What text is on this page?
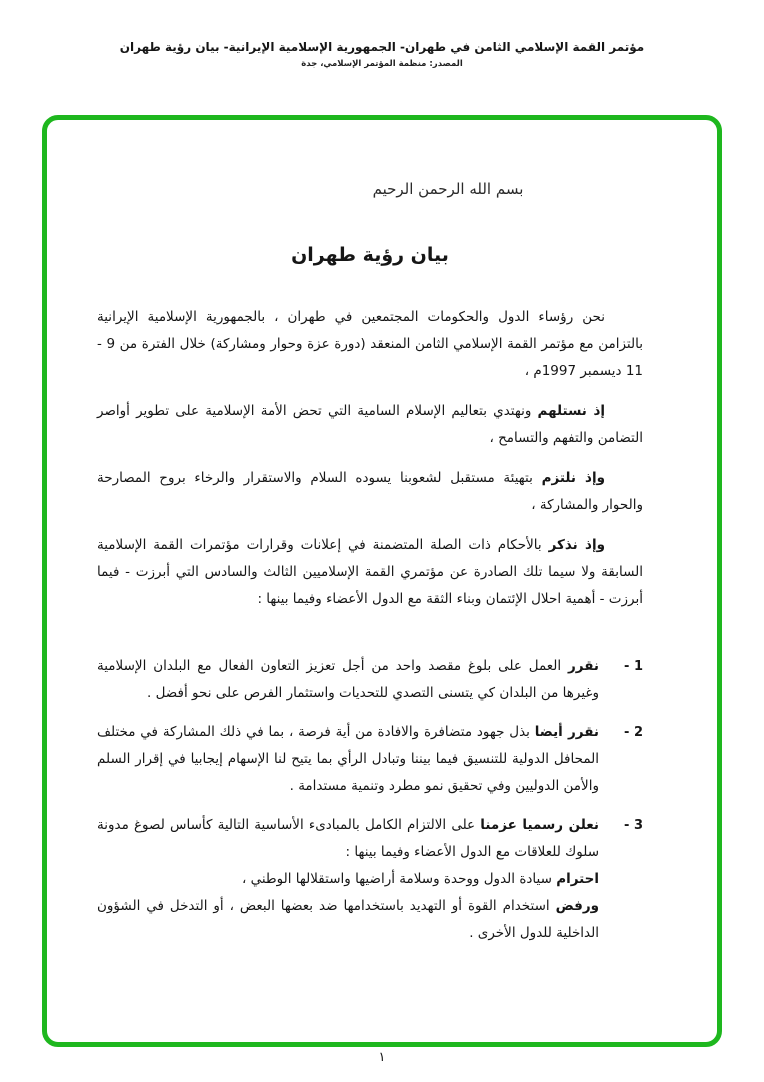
مؤتمر القمة الإسلامي الثامن في طهران- الجمهورية الإسلامية الإيرانية- بيان رؤية طهران
المصدر: منظمة المؤتمر الإسلامي، جدة
بسم الله الرحمن الرحيم
بيان رؤية طهران

نحن رؤساء الدول والحكومات المجتمعين في طهران ، بالجمهورية الإسلامية الإيرانية بالتزامن مع مؤتمر القمة الإسلامي الثامن المنعقد (دورة عزة وحوار ومشاركة) خلال الفترة من 9 - 11 ديسمبر 1997م ،

إذ نستلهم ونهتدي بتعاليم الإسلام السامية التي تحض الأمة الإسلامية على تطوير أواصر التضامن والتفهم والتسامح ،

وإذ نلتزم بتهيئة مستقبل لشعوبنا يسوده السلام والاستقرار والرخاء بروح المصارحة والحوار والمشاركة ،

وإذ نذكر بالأحكام ذات الصلة المتضمنة في إعلانات وقرارات مؤتمرات القمة الإسلامية السابقة ولا سيما تلك الصادرة عن مؤتمري القمة الإسلاميين الثالث والسادس التي أبرزت - فيما أبرزت - أهمية احلال الإئتمان وبناء الثقة مع الدول الأعضاء وفيما بينها :

- 1

نقرر العمل على بلوغ مقصد واحد من أجل تعزيز التعاون الفعال مع البلدان الإسلامية وغيرها من البلدان كي يتسنى التصدي للتحديات واستثمار الفرص على نحو أفضل .

- 2

نقرر أيضا بذل جهود متضافرة والافادة من أية فرصة ، بما في ذلك المشاركة في مختلف المحافل الدولية للتنسيق فيما بيننا وتبادل الرأي بما يتيح لنا الإسهام إيجابيا في إقرار السلم والأمن الدوليين وفي تحقيق نمو مطرد وتنمية مستدامة .

- 3

نعلن رسميا عزمنا على الالتزام الكامل بالمبادىء الأساسية التالية كأساس لصوغ مدونة سلوك للعلاقات مع الدول الأعضاء وفيما بينها :

احترام سيادة الدول ووحدة وسلامة أراضيها واستقلالها الوطني ،

ورفض استخدام القوة أو التهديد باستخدامها ضد بعضها البعض ، أو التدخل في الشؤون الداخلية للدول الأخرى .

١
